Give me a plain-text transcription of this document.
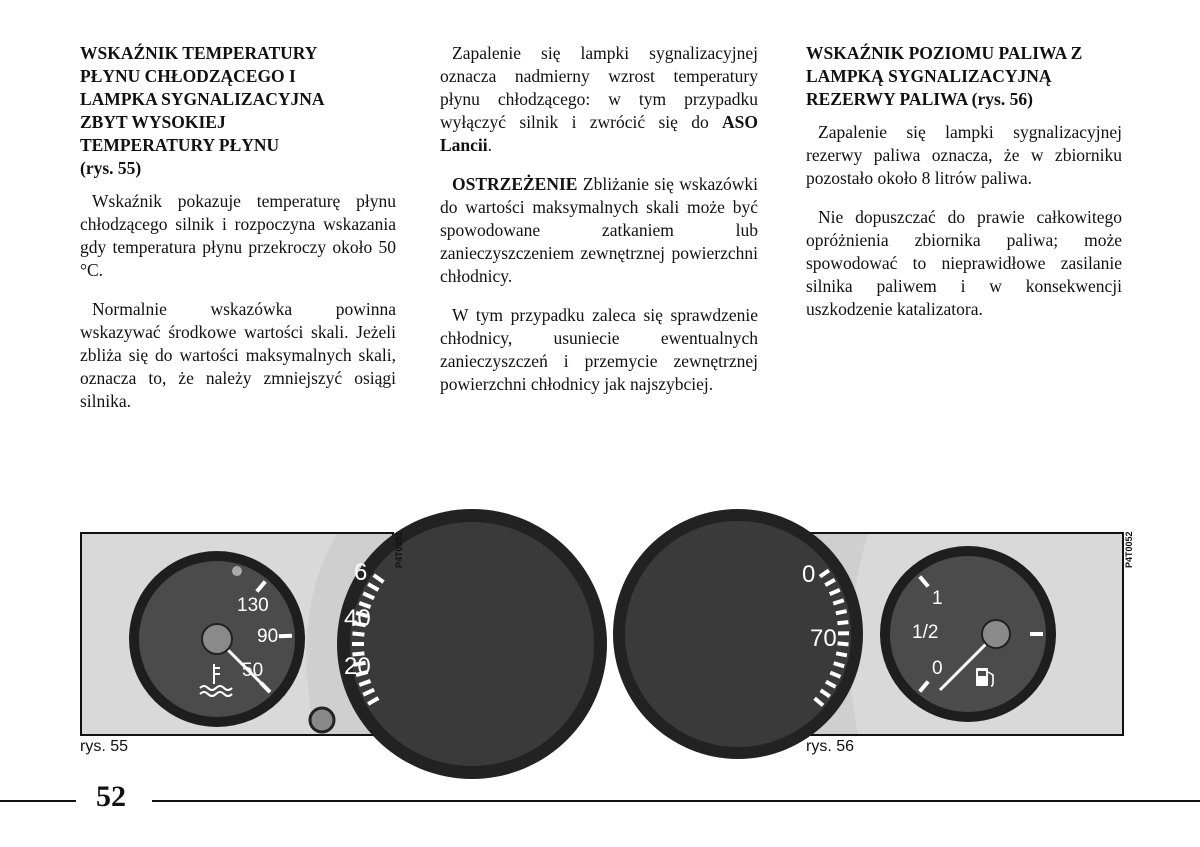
WSKAŹNIK TEMPERATURY
PŁYNU CHŁODZĄCEGO I
LAMPKA SYGNALIZACYJNA
ZBYT WYSOKIEJ
TEMPERATURY PŁYNU
(rys. 55)

Wskaźnik pokazuje temperaturę płynu chłodzącego silnik i rozpoczyna wskazania gdy temperatura płynu przekroczy około 50 °C.

Normalnie wskazówka powinna wskazywać środkowe wartości skali. Jeżeli zbliża się do wartości maksymalnych skali, oznacza to, że należy zmniejszyć osiągi silnika.

Zapalenie się lampki sygnalizacyjnej oznacza nadmierny wzrost temperatury płynu chłodzącego: w tym przypadku wyłączyć silnik i zwrócić się do ASO Lancii.

OSTRZEŻENIE Zbliżanie się wskazówki do wartości maksymalnych skali może być spowodowane zatkaniem lub zanieczyszczeniem zewnętrznej powierzchni chłodnicy.

W tym przypadku zaleca się sprawdzenie chłodnicy, usuniecie ewentualnych zanieczyszczeń i przemycie zewnętrznej powierzchni chłodnicy jak najszybciej.

WSKAŹNIK POZIOMU PALIWA Z
LAMPKĄ SYGNALIZACYJNĄ
REZERWY PALIWA (rys. 56)

Zapalenie się lampki sygnalizacyjnej rezerwy paliwa oznacza, że w zbiorniku pozostało około 8 litrów paliwa.

Nie dopuszczać do prawie całkowitego opróżnienia zbiornika paliwa; może spowodować to nieprawidłowe zasilanie silnika paliwem i w konsekwencji uszkodzenie katalizatora.

6
40
20
130
90
50
P4T0051
rys. 55
0
70
1
1/2
0
P4T0052
rys. 56
52
